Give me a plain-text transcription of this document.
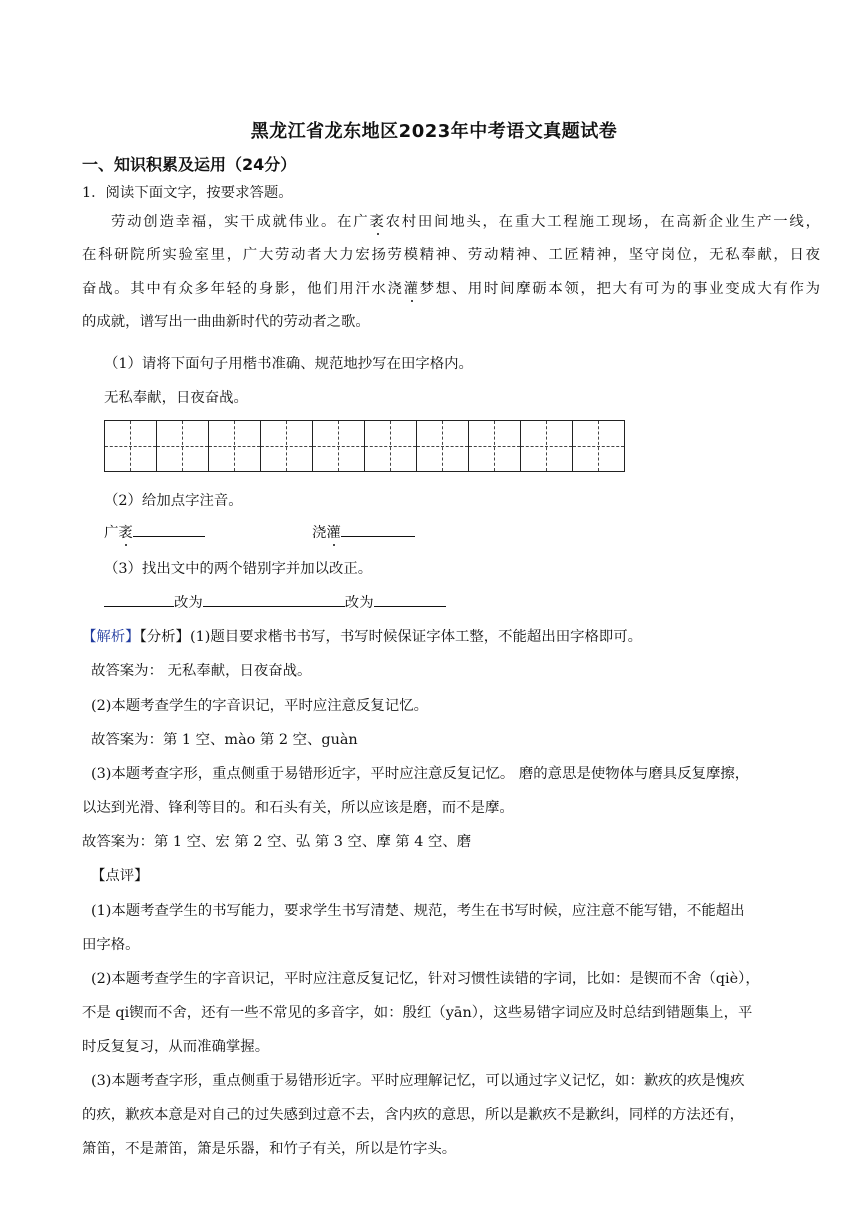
黑龙江省龙东地区2023年中考语文真题试卷
一、知识积累及运用（24分）
1．阅读下面文字，按要求答题。
劳动创造幸福，实干成就伟业。在广袤农村田间地头，在重大工程施工现场，在高新企业生产一线，
在科研院所实验室里，广大劳动者大力宏扬劳模精神、劳动精神、工匠精神，坚守岗位，无私奉献，日夜
奋战。其中有众多年轻的身影，他们用汗水浇灌梦想、用时间摩砺本领，把大有可为的事业变成大有作为
的成就，谱写出一曲曲新时代的劳动者之歌。
（1）请将下面句子用楷书准确、规范地抄写在田字格内。
无私奉献，日夜奋战。
（2）给加点字注音。
广袤	浇灌
（3）找出文中的两个错别字并加以改正。
改为	改为
【解析】【分析】(1)题目要求楷书书写，书写时候保证字体工整，不能超出田字格即可。
故答案为： 无私奉献，日夜奋战。
(2)本题考查学生的字音识记，平时应注意反复记忆。
故答案为：第 1 空、mào 第 2 空、guàn
(3)本题考查字形，重点侧重于易错形近字，平时应注意反复记忆。 磨的意思是使物体与磨具反复摩擦，
以达到光滑、锋利等目的。和石头有关，所以应该是磨，而不是摩。
故答案为：第 1 空、宏 第 2 空、弘 第 3 空、摩 第 4 空、磨
【点评】
(1)本题考查学生的书写能力，要求学生书写清楚、规范，考生在书写时候，应注意不能写错，不能超出
田字格。
(2)本题考查学生的字音识记，平时应注意反复记忆，针对习惯性读错的字词，比如：是锲而不舍（qiè），
不是 qi锲而不舍，还有一些不常见的多音字，如：殷红（yān），这些易错字词应及时总结到错题集上，平
时反复复习，从而准确掌握。
(3)本题考查字形，重点侧重于易错形近字。平时应理解记忆，可以通过字义记忆，如：歉疚的疚是愧疚
的疚，歉疚本意是对自己的过失感到过意不去，含内疚的意思，所以是歉疚不是歉纠，同样的方法还有，
箫笛，不是萧笛，箫是乐器，和竹子有关，所以是竹字头。
